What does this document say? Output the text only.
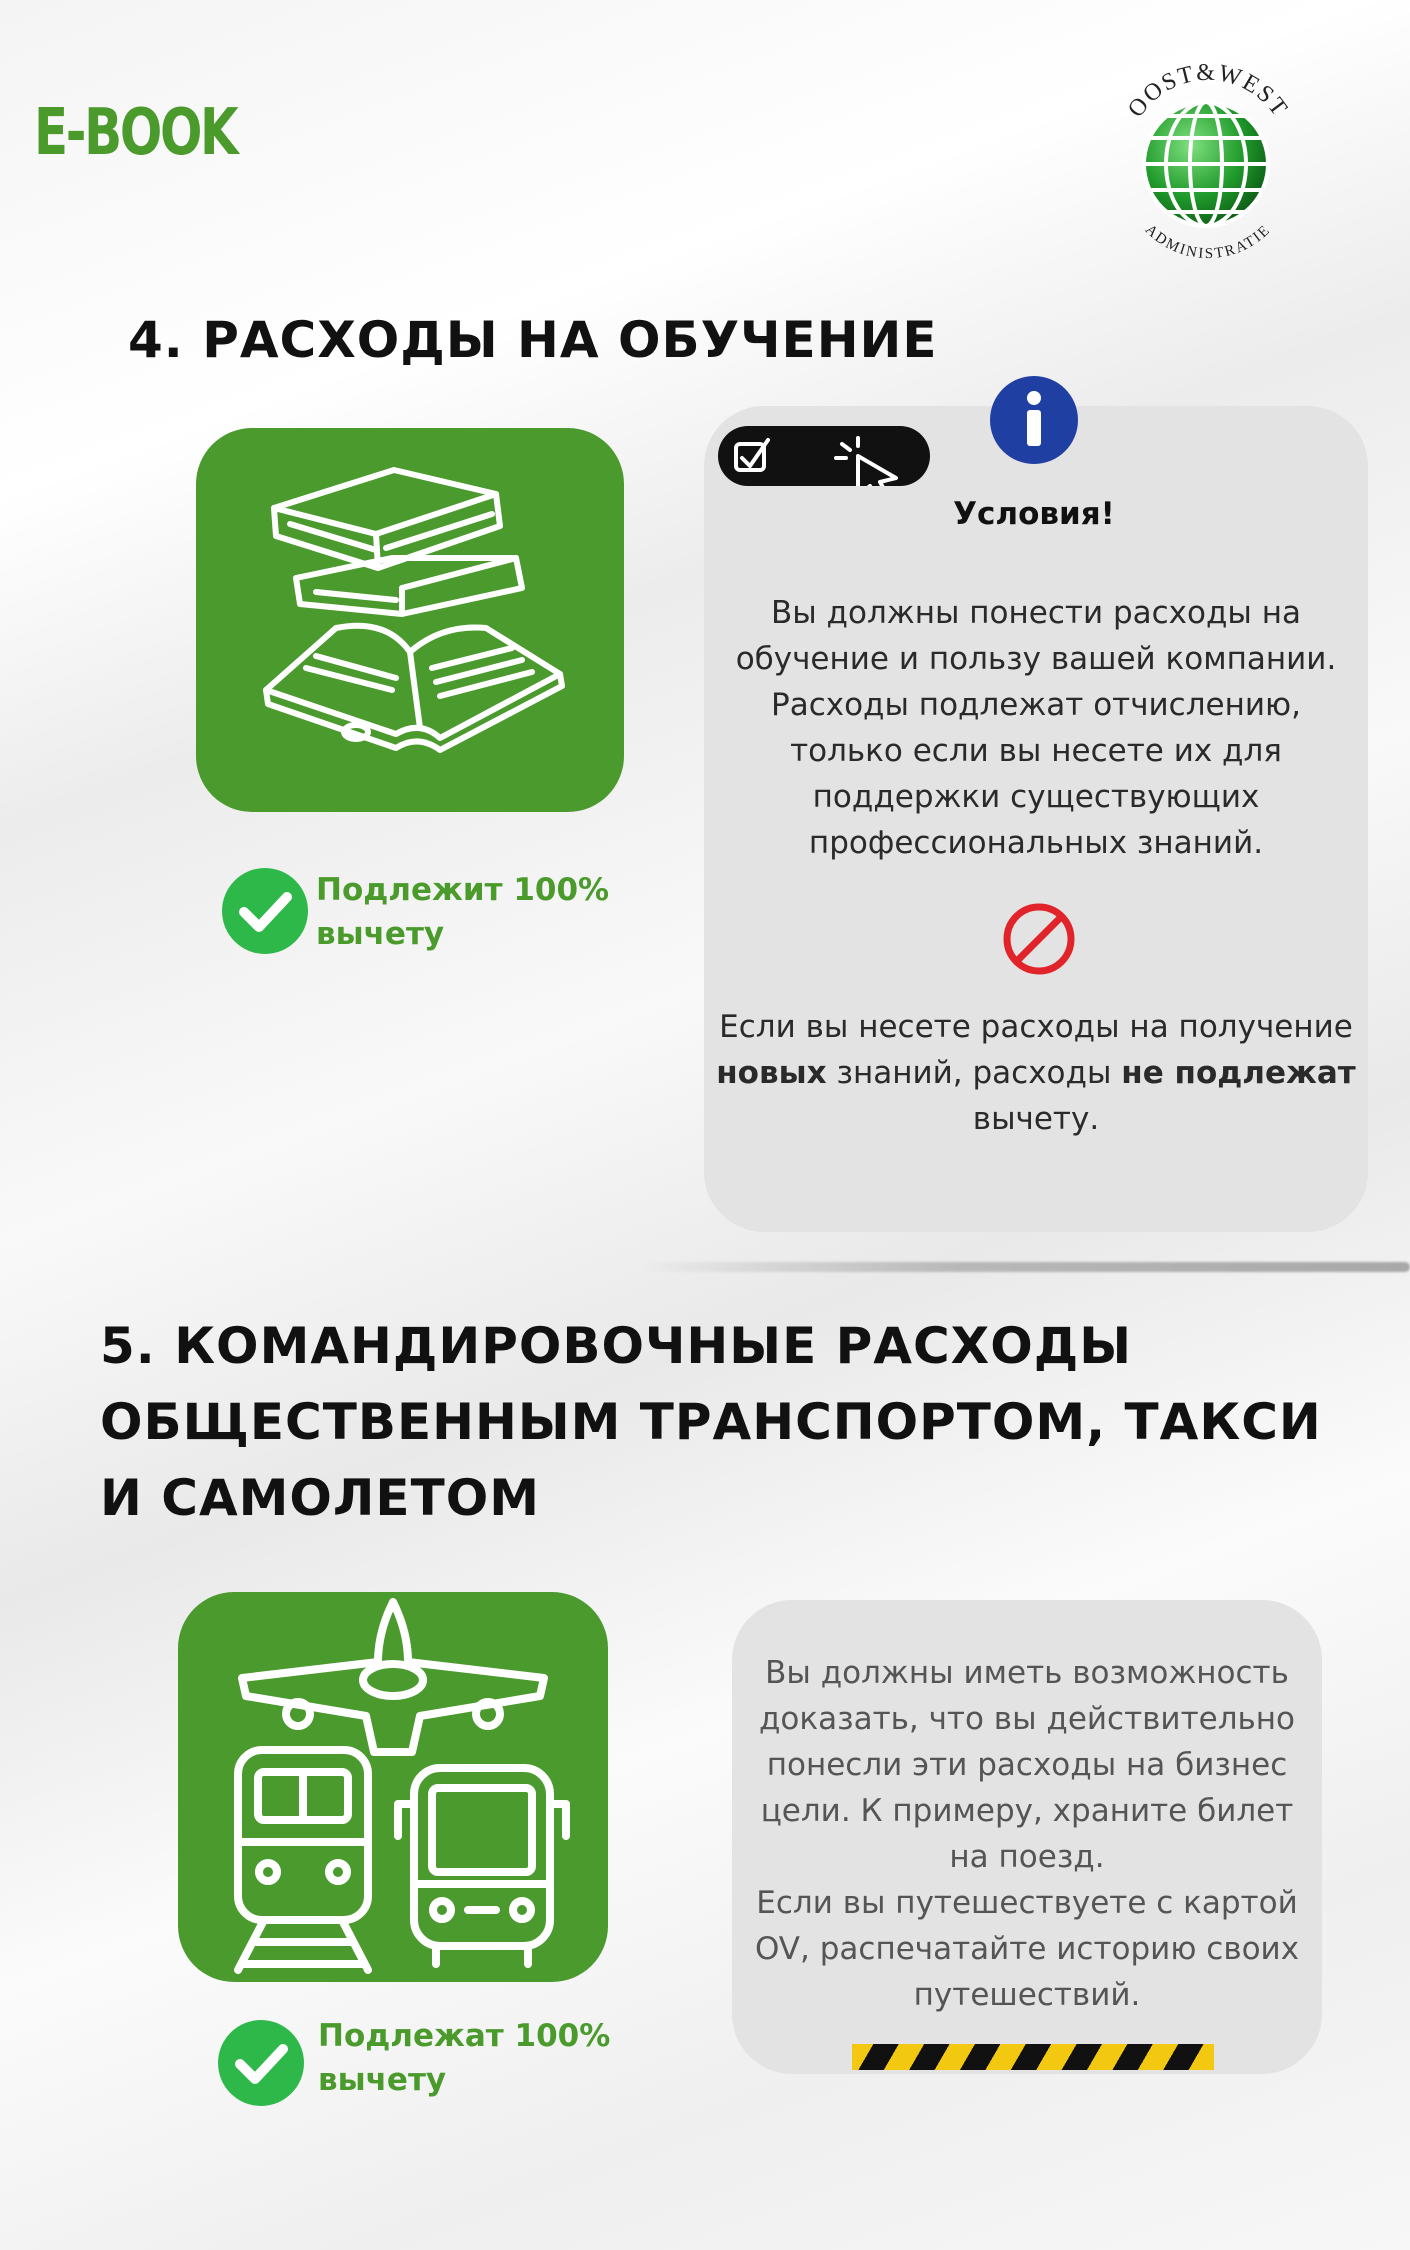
E-BOOK	OOST&WEST
ADMINISTRATIE
4. РАСХОДЫ НА ОБУЧЕНИЕ
Подлежит 100% вычету
Условия!
Вы должны понести расходы на обучение и пользу вашей компании. Расходы подлежат отчислению, только если вы несете их для поддержки существующих профессиональных знаний.
Если вы несете расходы на получение новых знаний, расходы не подлежат вычету.
5. КОМАНДИРОВОЧНЫЕ РАСХОДЫ ОБЩЕСТВЕННЫМ ТРАНСПОРТОМ, ТАКСИ И САМОЛЕТОМ
Подлежат 100% вычету
Вы должны иметь возможность доказать, что вы действительно понесли эти расходы на бизнес цели. К примеру, храните билет на поезд.
Если вы путешествуете с картой OV, распечатайте историю своих путешествий.
